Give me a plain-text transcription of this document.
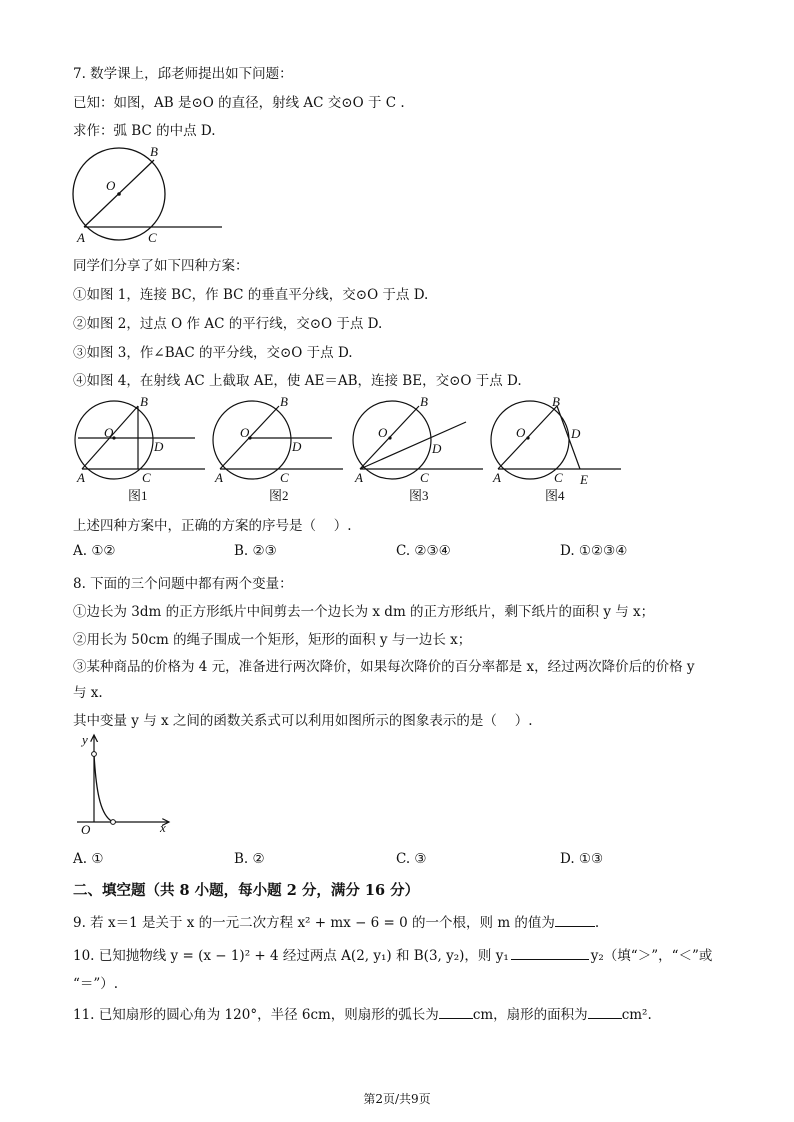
7. 数学课上，邱老师提出如下问题：
已知：如图，AB 是⊙O 的直径，射线 AC 交⊙O 于 C .
求作：弧 BC 的中点 D.
O
B
A	C
同学们分享了如下四种方案：
①如图 1，连接 BC，作 BC 的垂直平分线，交⊙O 于点 D.
②如图 2，过点 O 作 AC 的平行线，交⊙O 于点 D.
③如图 3，作∠BAC 的平分线，交⊙O 于点 D.
④如图 4，在射线 AC 上截取 AE，使 AE＝AB，连接 BE，交⊙O 于点 D.
O
B
D
A	C
图1
O
B
D
A	C
图2
O
B
D
A	C
图3
O
B
D
A	C E
图4
上述四种方案中，正确的方案的序号是（　 ）.
A. ①②	B. ②③	C. ②③④	D. ①②③④
8. 下面的三个问题中都有两个变量：
①边长为 3dm 的正方形纸片中间剪去一个边长为 x dm 的正方形纸片，剩下纸片的面积 y 与 x；
②用长为 50cm 的绳子围成一个矩形，矩形的面积 y 与一边长 x；
③某种商品的价格为 4 元，准备进行两次降价，如果每次降价的百分率都是 x，经过两次降价后的价格 y
与 x.
其中变量 y 与 x 之间的函数关系式可以利用如图所示的图象表示的是（　 ）.
y
x
O
A. ①	B. ②	C. ③	D. ①③
二、填空题（共 8 小题，每小题 2 分，满分 16 分）
9. 若 x＝1 是关于 x 的一元二次方程 x² + mx − 6 = 0 的一个根，则 m 的值为	.
10. 已知抛物线 y = (x − 1)² + 4 经过两点 A(2, y₁) 和 B(3, y₂)，则 y₁	y₂（填“＞”，“＜”或
“＝”）.
11. 已知扇形的圆心角为 120°，半径 6cm，则扇形的弧长为	cm，扇形的面积为	cm².
第2页/共9页
